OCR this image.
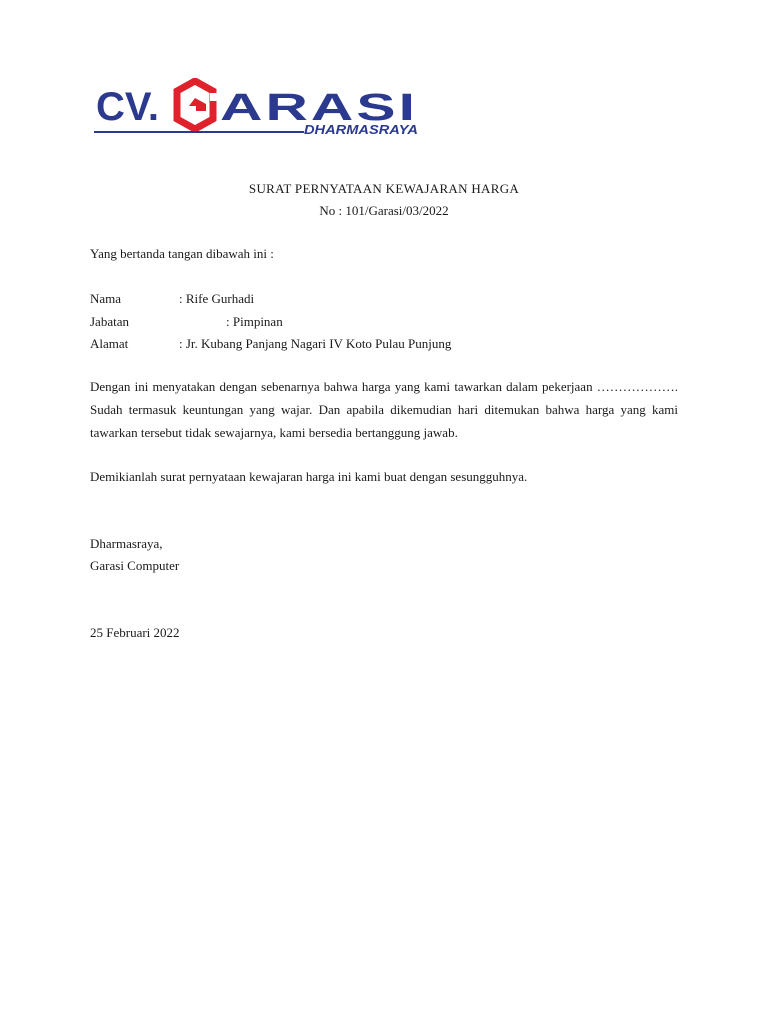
CV. ARASI
DHARMASRAYA
SURAT PERNYATAAN KEWAJARAN HARGA
No : 101/Garasi/03/2022
Yang bertanda tangan dibawah ini :
Nama	: Rife Gurhadi
Jabatan	: Pimpinan
Alamat	: Jr. Kubang Panjang Nagari IV Koto Pulau Punjung
Dengan ini menyatakan dengan sebenarnya bahwa harga yang kami tawarkan dalam pekerjaan ………………. Sudah termasuk keuntungan yang wajar. Dan apabila dikemudian hari ditemukan bahwa harga yang kami tawarkan tersebut tidak sewajarnya, kami bersedia bertanggung jawab.
Demikianlah surat pernyataan kewajaran harga ini kami buat dengan sesungguhnya.
Dharmasraya,
Garasi Computer
25 Februari 2022
